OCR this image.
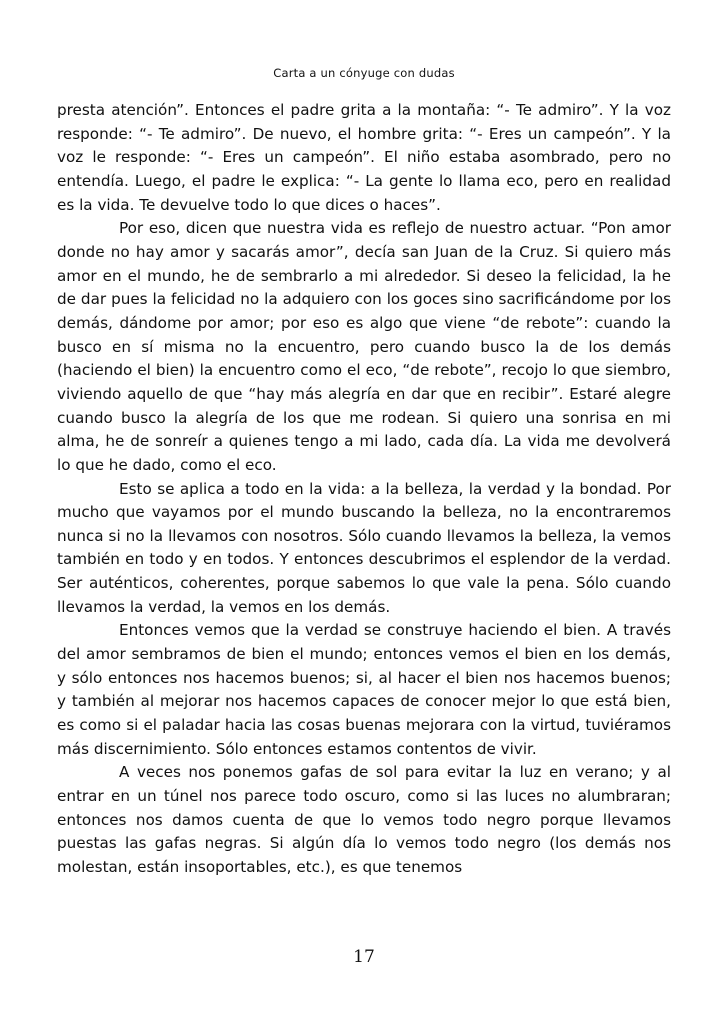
Carta a un cónyuge con dudas

presta atención”. Entonces el padre grita a la montaña: “- Te admiro”. Y la voz responde: “- Te admiro”. De nuevo, el hombre grita: “- Eres un campeón”. Y la voz le responde: “- Eres un campeón”. El niño estaba asombrado, pero no entendía. Luego, el padre le explica: “- La gente lo llama eco, pero en realidad es la vida. Te devuelve todo lo que dices o haces”.

Por eso, dicen que nuestra vida es reflejo de nuestro actuar. “Pon amor donde no hay amor y sacarás amor”, decía san Juan de la Cruz. Si quiero más amor en el mundo, he de sembrarlo a mi alrededor. Si deseo la felicidad, la he de dar pues la felicidad no la adquiero con los goces sino sacrificándome por los demás, dándome por amor; por eso es algo que viene “de rebote”: cuando la busco en sí misma no la encuentro, pero cuando busco la de los demás (haciendo el bien) la encuentro como el eco, “de rebote”, recojo lo que siembro, viviendo aquello de que “hay más alegría en dar que en recibir”. Estaré alegre cuando busco la alegría de los que me rodean. Si quiero una sonrisa en mi alma, he de sonreír a quienes tengo a mi lado, cada día. La vida me devolverá lo que he dado, como el eco.

Esto se aplica a todo en la vida: a la belleza, la verdad y la bondad. Por mucho que vayamos por el mundo buscando la belleza, no la encontraremos nunca si no la llevamos con nosotros. Sólo cuando llevamos la belleza, la vemos también en todo y en todos. Y entonces descubrimos el esplendor de la verdad. Ser auténticos, coherentes, porque sabemos lo que vale la pena. Sólo cuando llevamos la verdad, la vemos en los demás.

Entonces vemos que la verdad se construye haciendo el bien. A través del amor sembramos de bien el mundo; entonces vemos el bien en los demás, y sólo entonces nos hacemos buenos; si, al hacer el bien nos hacemos buenos; y también al mejorar nos hacemos capaces de conocer mejor lo que está bien, es como si el paladar hacia las cosas buenas mejorara con la virtud, tuviéramos más discernimiento. Sólo entonces estamos contentos de vivir.

A veces nos ponemos gafas de sol para evitar la luz en verano; y al entrar en un túnel nos parece todo oscuro, como si las luces no alumbraran; entonces nos damos cuenta de que lo vemos todo negro porque llevamos puestas las gafas negras. Si algún día lo vemos todo negro (los demás nos molestan, están insoportables, etc.), es que tenemos

17
